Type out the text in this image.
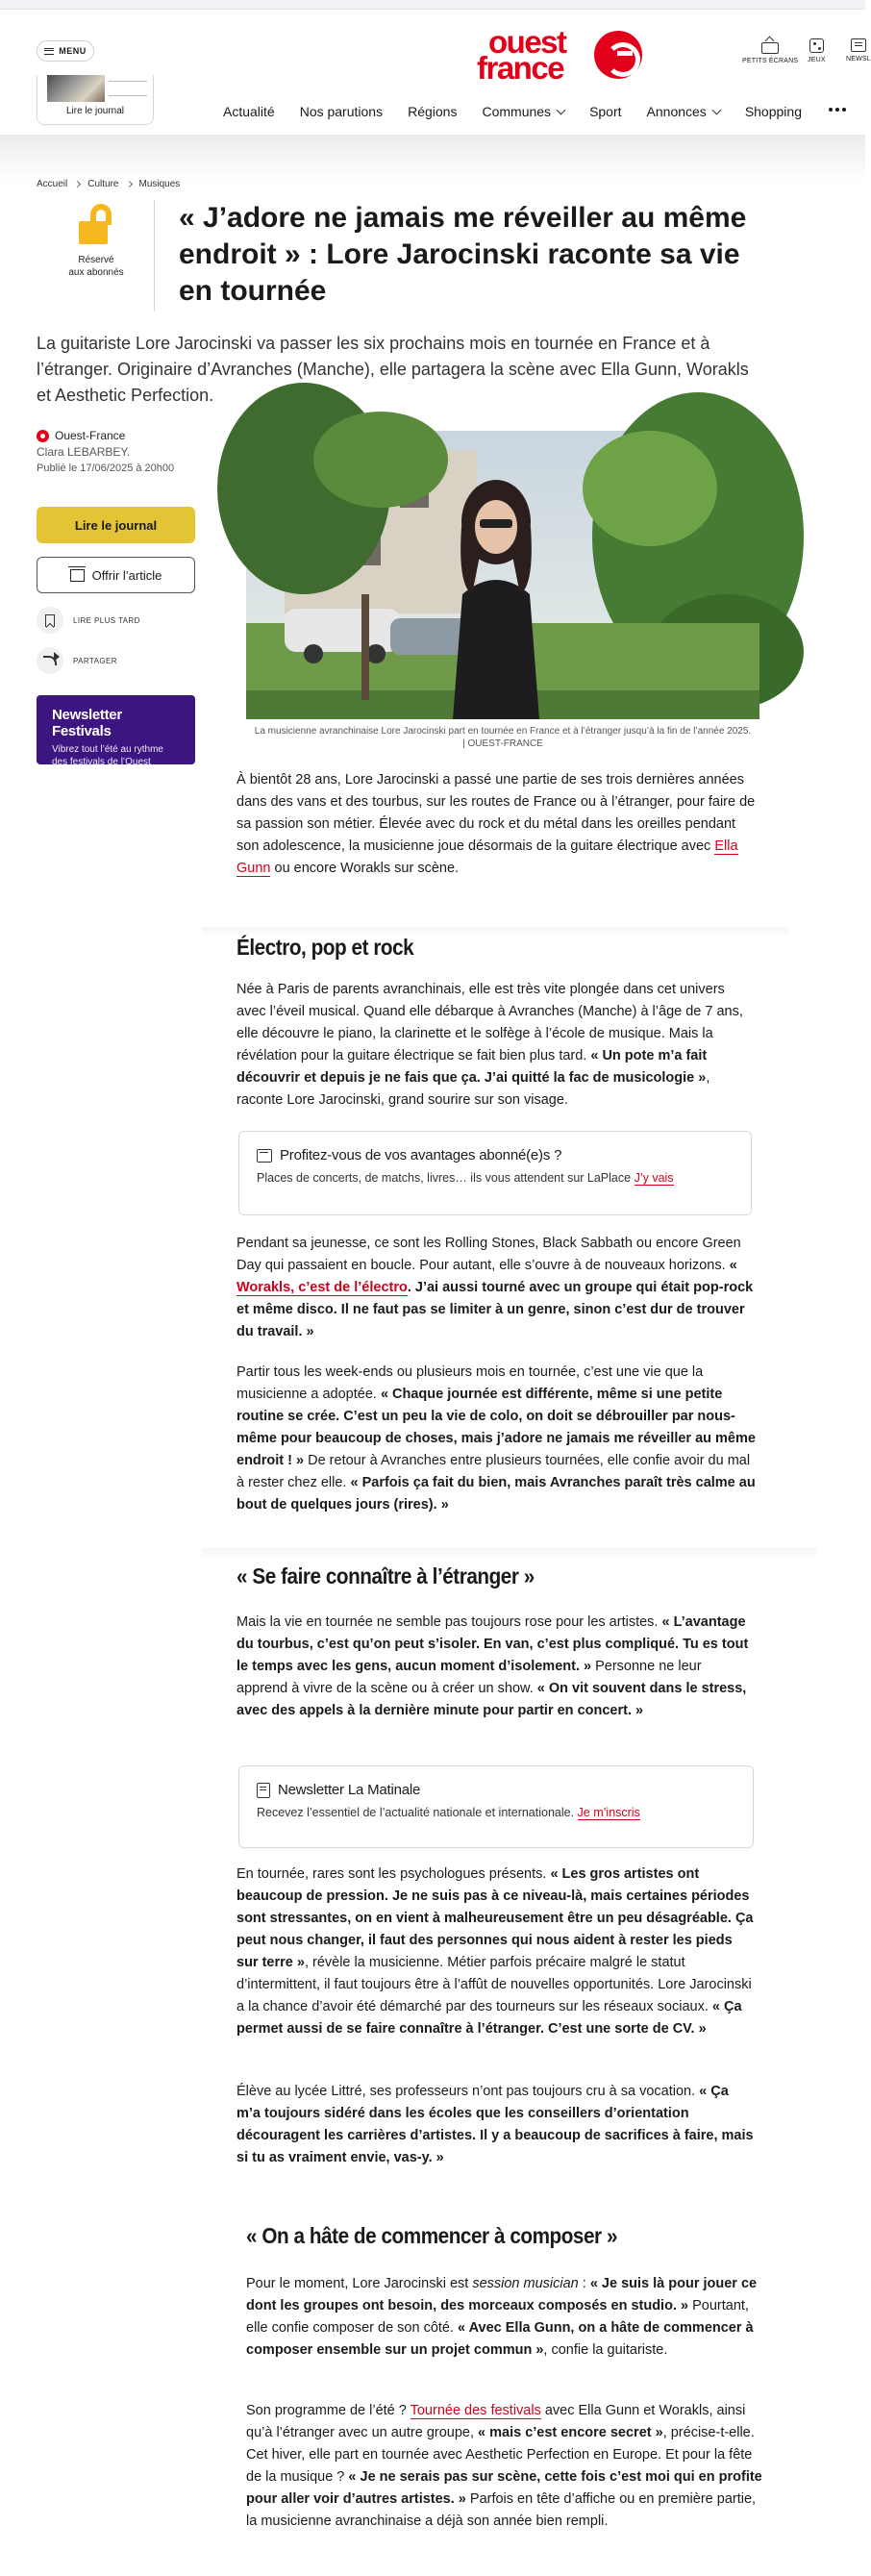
MENU
Lire le journal
ouest
france	PETITS ÉCRANS JEUX	NEWSL
Actualité Nos parutions Régions Communes	Sport Annonces	Shopping
Accueil Culture Musiques
Réservé
aux abonnés
« J’adore ne jamais me réveiller au même endroit » : Lore Jarocinski raconte sa vie en tournée

La guitariste Lore Jarocinski va passer les six prochains mois en tournée en France et à l’étranger. Originaire d’Avranches (Manche), elle partagera la scène avec Ella Gunn, Worakls et Aesthetic Perfection.

Ouest-France
Clara LEBARBEY.
Publié le 17/06/2025 à 20h00
Lire le journal
Offrir l’article
LIRE PLUS TARD
PARTAGER
Newsletter Festivals
Vibrez tout l’été au rythme des festivals de l’Ouest
La musicienne avranchinaise Lore Jarocinski part en tournée en France et à l’étranger jusqu’à la fin de l’année 2025.
| OUEST-FRANCE

À bientôt 28 ans, Lore Jarocinski a passé une partie de ses trois dernières années dans des vans et des tourbus, sur les routes de France ou à l’étranger, pour faire de sa passion son métier. Élevée avec du rock et du métal dans les oreilles pendant son adolescence, la musicienne joue désormais de la guitare électrique avec Ella Gunn ou encore Worakls sur scène.

Électro, pop et rock

Née à Paris de parents avranchinais, elle est très vite plongée dans cet univers avec l’éveil musical. Quand elle débarque à Avranches (Manche) à l’âge de 7 ans, elle découvre le piano, la clarinette et le solfège à l’école de musique. Mais la révélation pour la guitare électrique se fait bien plus tard. « Un pote m’a fait découvrir et depuis je ne fais que ça. J’ai quitté la fac de musicologie », raconte Lore Jarocinski, grand sourire sur son visage.

Profitez-vous de vos avantages abonné(e)s ?
Places de concerts, de matchs, livres… ils vous attendent sur LaPlace J’y vais

Pendant sa jeunesse, ce sont les Rolling Stones, Black Sabbath ou encore Green Day qui passaient en boucle. Pour autant, elle s’ouvre à de nouveaux horizons. « Worakls, c’est de l’électro. J’ai aussi tourné avec un groupe qui était pop-rock et même disco. Il ne faut pas se limiter à un genre, sinon c’est dur de trouver du travail. »

Partir tous les week-ends ou plusieurs mois en tournée, c’est une vie que la musicienne a adoptée. « Chaque journée est différente, même si une petite routine se crée. C’est un peu la vie de colo, on doit se débrouiller par nous-même pour beaucoup de choses, mais j’adore ne jamais me réveiller au même endroit ! » De retour à Avranches entre plusieurs tournées, elle confie avoir du mal à rester chez elle. « Parfois ça fait du bien, mais Avranches paraît très calme au bout de quelques jours (rires). »

« Se faire connaître à l’étranger »

Mais la vie en tournée ne semble pas toujours rose pour les artistes. « L’avantage du tourbus, c’est qu’on peut s’isoler. En van, c’est plus compliqué. Tu es tout le temps avec les gens, aucun moment d’isolement. » Personne ne leur apprend à vivre de la scène ou à créer un show. « On vit souvent dans le stress, avec des appels à la dernière minute pour partir en concert. »

Newsletter La Matinale
Recevez l’essentiel de l’actualité nationale et internationale. Je m’inscris

En tournée, rares sont les psychologues présents. « Les gros artistes ont beaucoup de pression. Je ne suis pas à ce niveau-là, mais certaines périodes sont stressantes, on en vient à malheureusement être un peu désagréable. Ça peut nous changer, il faut des personnes qui nous aident à rester les pieds sur terre », révèle la musicienne. Métier parfois précaire malgré le statut d’intermittent, il faut toujours être à l’affût de nouvelles opportunités. Lore Jarocinski a la chance d’avoir été démarché par des tourneurs sur les réseaux sociaux. « Ça permet aussi de se faire connaître à l’étranger. C’est une sorte de CV. »

Élève au lycée Littré, ses professeurs n’ont pas toujours cru à sa vocation. « Ça m’a toujours sidéré dans les écoles que les conseillers d’orientation découragent les carrières d’artistes. Il y a beaucoup de sacrifices à faire, mais si tu as vraiment envie, vas-y. »

« On a hâte de commencer à composer »

Pour le moment, Lore Jarocinski est session musician : « Je suis là pour jouer ce dont les groupes ont besoin, des morceaux composés en studio. » Pourtant, elle confie composer de son côté. « Avec Ella Gunn, on a hâte de commencer à composer ensemble sur un projet commun », confie la guitariste.

Son programme de l’été ? Tournée des festivals avec Ella Gunn et Worakls, ainsi qu’à l’étranger avec un autre groupe, « mais c’est encore secret », précise-t-elle. Cet hiver, elle part en tournée avec Aesthetic Perfection en Europe. Et pour la fête de la musique ? « Je ne serais pas sur scène, cette fois c’est moi qui en profite pour aller voir d’autres artistes. » Parfois en tête d’affiche ou en première partie, la musicienne avranchinaise a déjà son année bien rempli.
